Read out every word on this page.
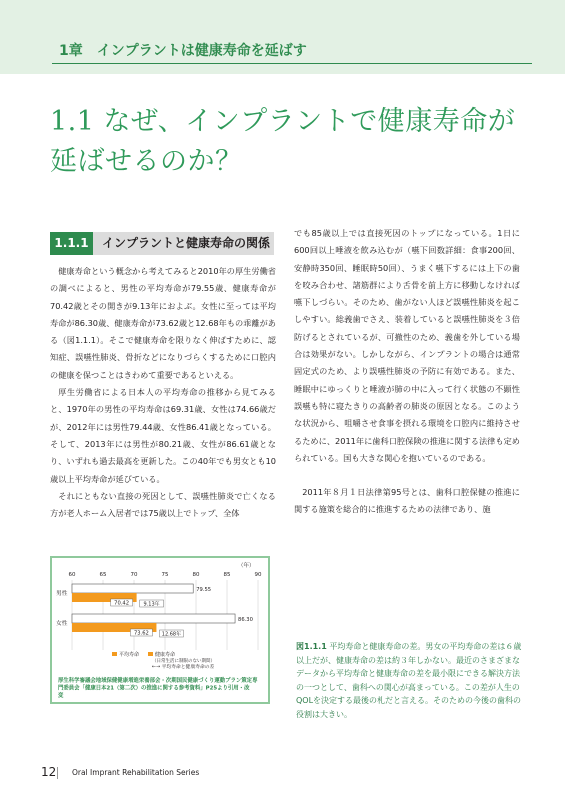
1章　インプラントは健康寿命を延ばす
1.1 なぜ、インプラントで健康寿命が延ばせるのか？
1.1.1	インプラントと健康寿命の関係

健康寿命という概念から考えてみると2010年の厚生労働省の調べによると、男性の平均寿命が79.55歳、健康寿命が70.42歳とその開きが9.13年におよぶ。女性に至っては平均寿命が86.30歳、健康寿命が73.62歳と12.68年もの乖離がある（図1.1.1）。そこで健康寿命を限りなく伸ばすために、認知症、誤嚥性肺炎、骨折などになりづらくするために口腔内の健康を保つことはきわめて重要であるといえる。

厚生労働省による日本人の平均寿命の推移から見てみると、1970年の男性の平均寿命は69.31歳、女性は74.66歳だが、2012年には男性79.44歳、女性86.41歳となっている。そして、2013年には男性が80.21歳、女性が86.61歳となり、いずれも過去最高を更新した。この40年でも男女とも10歳以上平均寿命が延びている。

それにともない直接の死因として、誤嚥性肺炎で亡くなる方が老人ホーム入居者では75歳以上でトップ、全体

でも85歳以上では直接死因のトップになっている。1日に600回以上唾液を飲み込むが（嚥下回数詳細：食事200回、安静時350回、睡眠時50回）、うまく嚥下するには上下の歯を咬み合わせ、諸筋群により舌骨を前上方に移動しなければ嚥下しづらい。そのため、歯がない人ほど誤嚥性肺炎を起こしやすい。総義歯でさえ、装着していると誤嚥性肺炎を３倍防げるとされているが、可撤性のため、義歯を外している場合は効果がない。しかしながら、インプラントの場合は通常固定式のため、より誤嚥性肺炎の予防に有効である。また、睡眠中にゆっくりと唾液が肺の中に入って行く状態の不顕性誤嚥も特に寝たきりの高齢者の肺炎の原因となる。このような状況から、咀嚼させ食事を摂れる環境を口腔内に維持させるために、2011年に歯科口腔保険の推進に関する法律も定められている。国も大きな関心を抱いているのである。

2011年８月１日法律第95号とは、歯科口腔保健の推進に関する施策を総合的に推進するための法律であり、施

（年）
60	65	70	75	80	85	90
男性
79.55
70.42	9.13年
女性
86.30
73.62	12.68年
平均寿命	健康寿命
（日常生活に制限のない期間）
←→ 平均寿命と健康寿命の差
厚生科学審議会地域保健健康増進栄養部会・次期国民健康づくり運動プラン策定専門委員会「健康日本21（第二次）の推進に関する参考資料」P25より引用・改変
図1.1.1 平均寿命と健康寿命の差。男女の平均寿命の差は６歳以上だが、健康寿命の差は約３年しかない。最近のさまざまなデータから平均寿命と健康寿命の差を最小限にできる解決方法の一つとして、歯科への関心が高まっている。この差が人生のQOLを決定する最後の札だと言える。そのための今後の歯科の役割は大きい。
12 Oral Imprant Rehabilitation Series
